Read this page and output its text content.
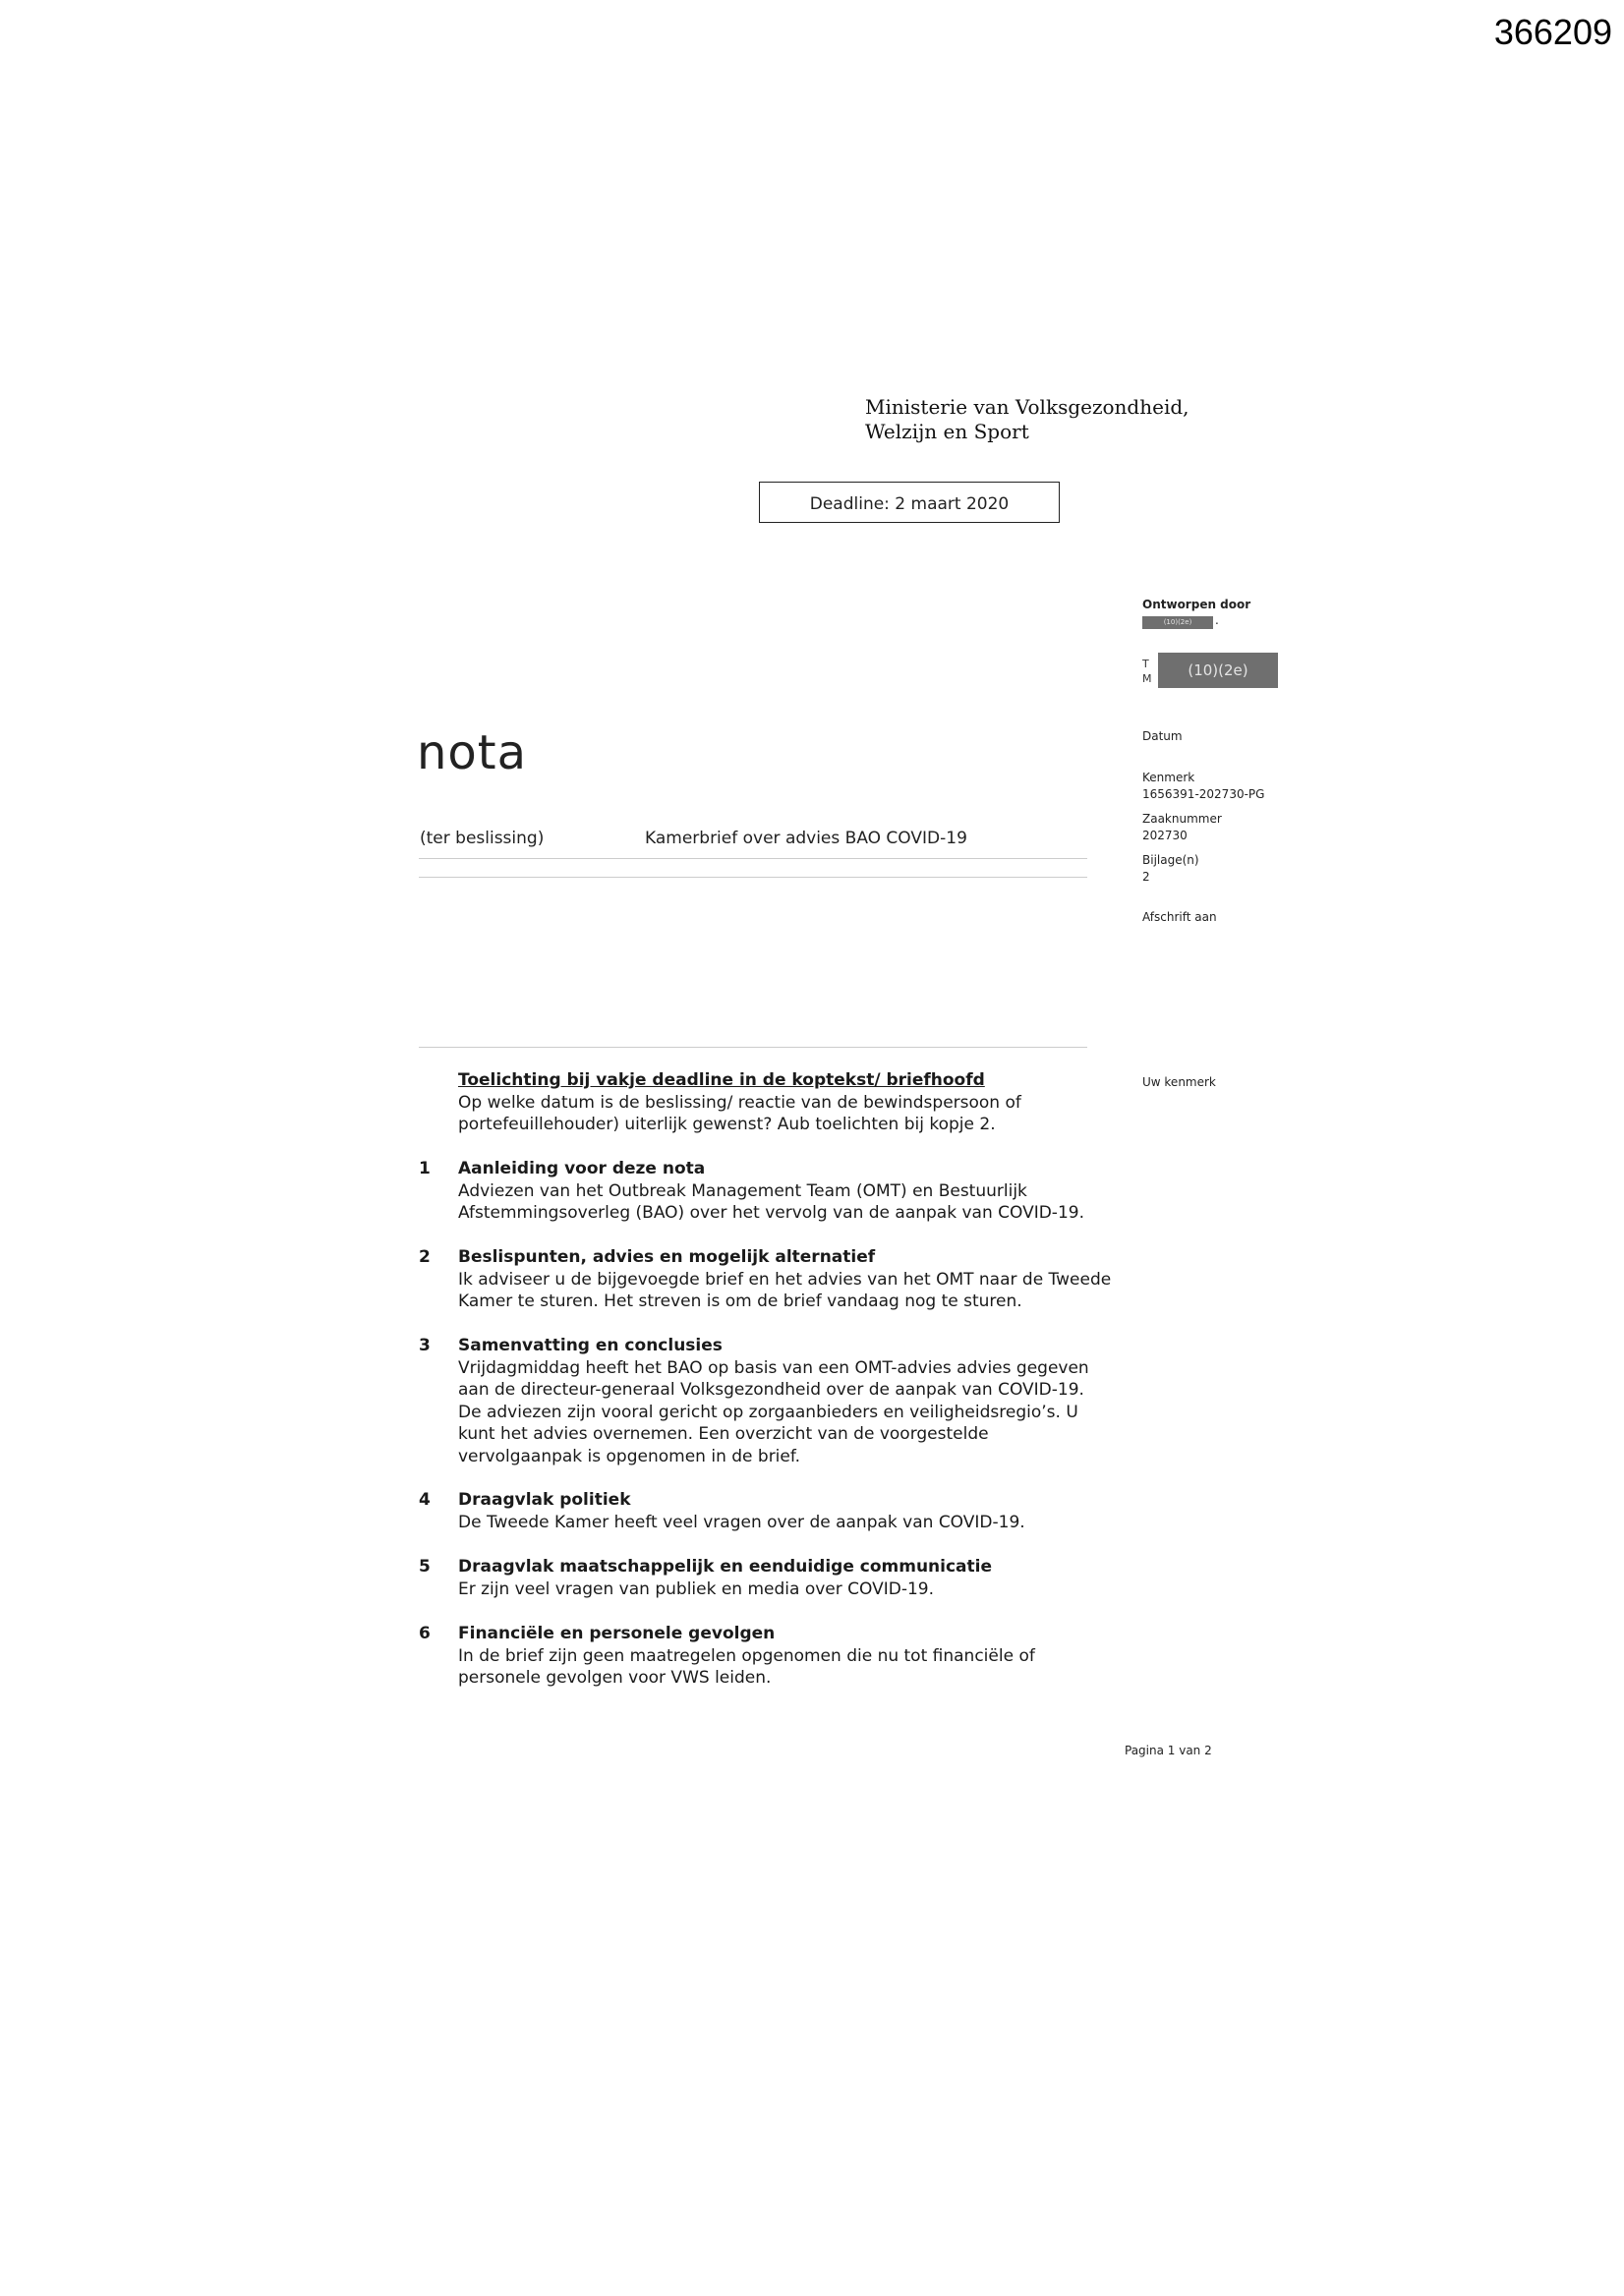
366209
Ministerie van Volksgezondheid,
Welzijn en Sport
Deadline: 2 maart 2020
Ontworpen door
(10)(2e)	.
T
M	(10)(2e)
Datum
Kenmerk
1656391-202730-PG
Zaaknummer
202730
Bijlage(n)
2
Afschrift aan
Uw kenmerk
nota
(ter beslissing)	Kamerbrief over advies BAO COVID-19
Toelichting bij vakje deadline in de koptekst/ briefhoofd
Op welke datum is de beslissing/ reactie van de bewindspersoon of
portefeuillehouder) uiterlijk gewenst? Aub toelichten bij kopje 2.
1 Aanleiding voor deze nota
Adviezen van het Outbreak Management Team (OMT) en Bestuurlijk
Afstemmingsoverleg (BAO) over het vervolg van de aanpak van COVID-19.
2 Beslispunten, advies en mogelijk alternatief
Ik adviseer u de bijgevoegde brief en het advies van het OMT naar de Tweede
Kamer te sturen. Het streven is om de brief vandaag nog te sturen.
3 Samenvatting en conclusies
Vrijdagmiddag heeft het BAO op basis van een OMT-advies advies gegeven
aan de directeur-generaal Volksgezondheid over de aanpak van COVID-19.
De adviezen zijn vooral gericht op zorgaanbieders en veiligheidsregio’s. U
kunt het advies overnemen. Een overzicht van de voorgestelde
vervolgaanpak is opgenomen in de brief.
4 Draagvlak politiek
De Tweede Kamer heeft veel vragen over de aanpak van COVID-19.
5 Draagvlak maatschappelijk en eenduidige communicatie
Er zijn veel vragen van publiek en media over COVID-19.
6 Financiële en personele gevolgen
In de brief zijn geen maatregelen opgenomen die nu tot financiële of
personele gevolgen voor VWS leiden.
Pagina 1 van 2
